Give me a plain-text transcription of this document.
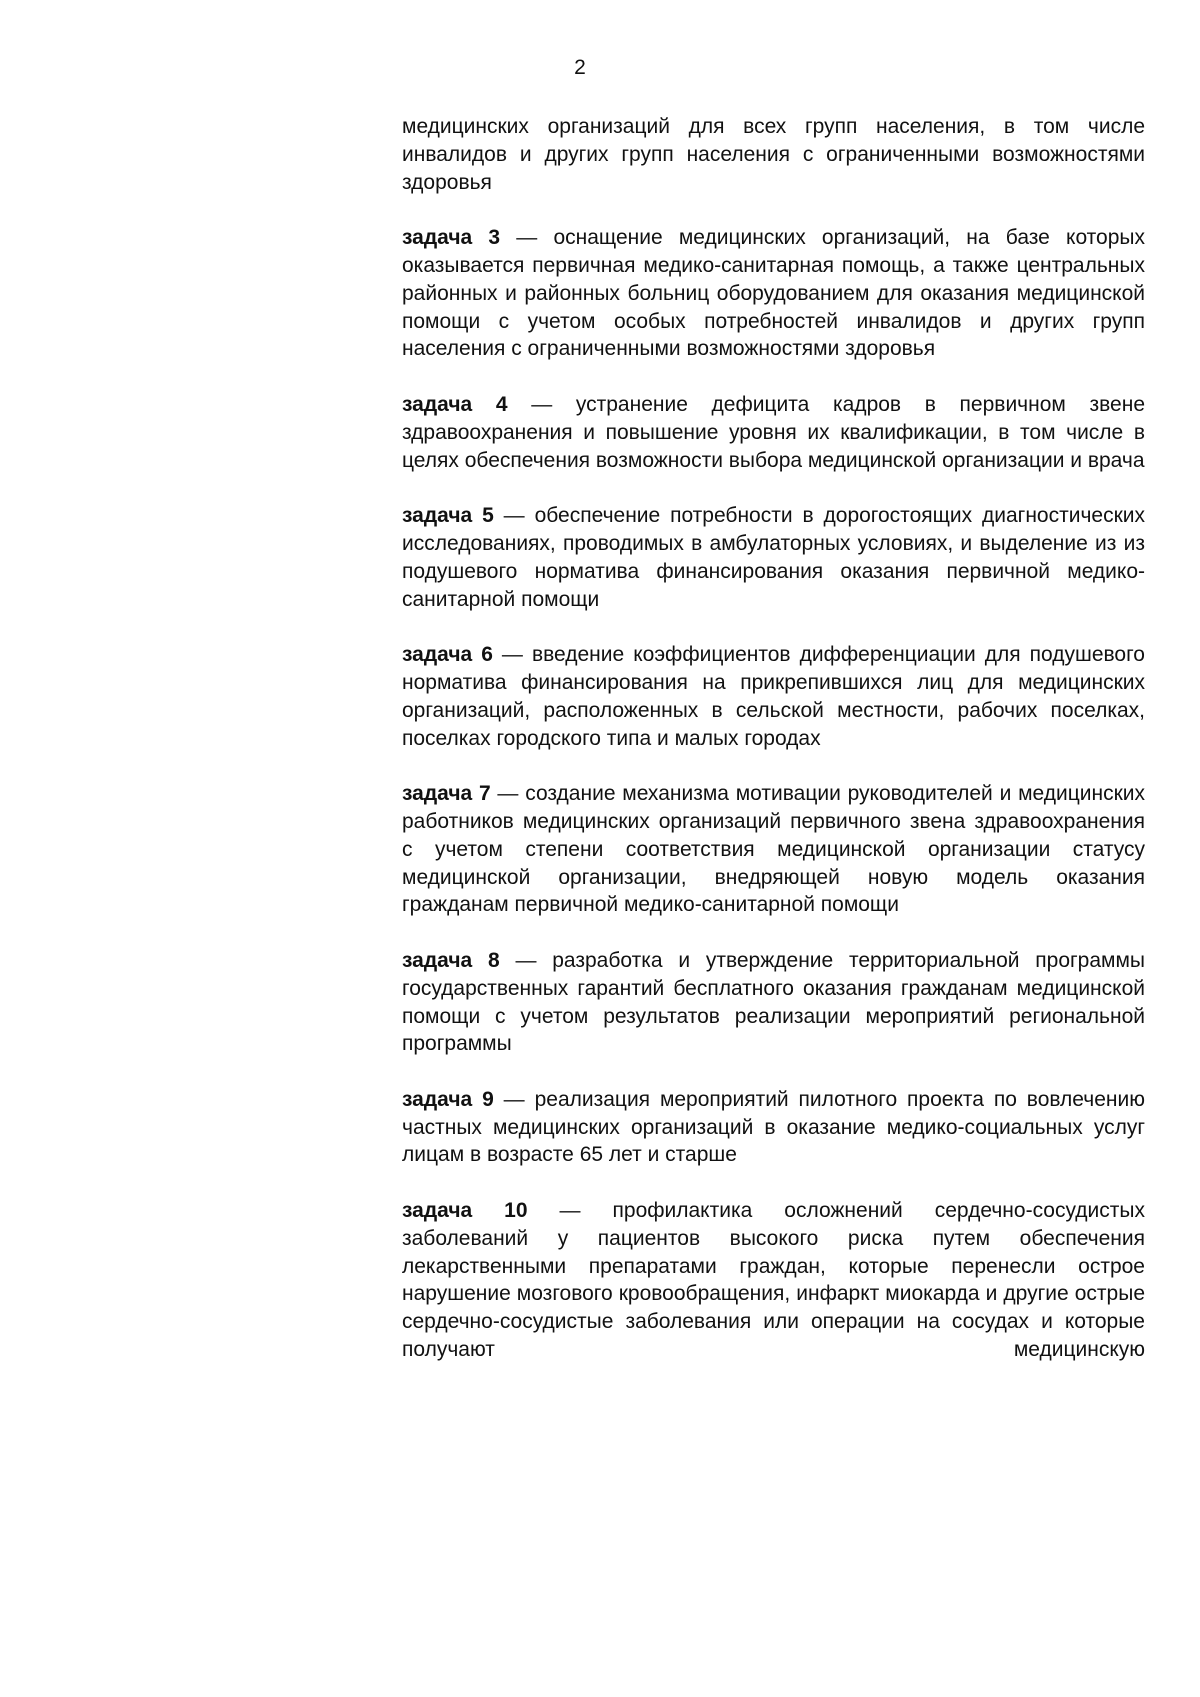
2

медицинских организаций для всех групп населения, в том числе инвалидов и других групп населения с ограниченными возможностями здоровья

задача 3 — оснащение медицинских организаций, на базе которых оказывается первичная медико-санитарная помощь, а также центральных районных и районных больниц оборудованием для оказания медицинской помощи с учетом особых потребностей инвалидов и других групп населения с ограниченными возможностями здоровья

задача 4 — устранение дефицита кадров в первичном звене здравоохранения и повышение уровня их квалификации, в том числе в целях обеспечения возможности выбора медицинской организации и врача

задача 5 — обеспечение потребности в дорогостоящих диагностических исследованиях, проводимых в амбулаторных условиях, и выделение из из подушевого норматива финансирования оказания первичной медико-санитарной помощи

задача 6 — введение коэффициентов дифференциации для подушевого норматива финансирования на прикрепившихся лиц для медицинских организаций, расположенных в сельской местности, рабочих поселках, поселках городского типа и малых городах

задача 7 — создание механизма мотивации руководителей и медицинских работников медицинских организаций первичного звена здравоохранения с учетом степени соответствия медицинской организации статусу медицинской организации, внедряющей новую модель оказания гражданам первичной медико-санитарной помощи

задача 8 — разработка и утверждение территориальной программы государственных гарантий бесплатного оказания гражданам медицинской помощи с учетом результатов реализации мероприятий региональной программы

задача 9 — реализация мероприятий пилотного проекта по вовлечению частных медицинских организаций в оказание медико-социальных услуг лицам в возрасте 65 лет и старше

задача 10 — профилактика осложнений сердечно-сосудистых заболеваний у пациентов высокого риска путем обеспечения лекарственными препаратами граждан, которые перенесли острое нарушение мозгового кровообращения, инфаркт миокарда и другие острые сердечно-сосудистые заболевания или операции на сосудах и которые получают медицинскую
